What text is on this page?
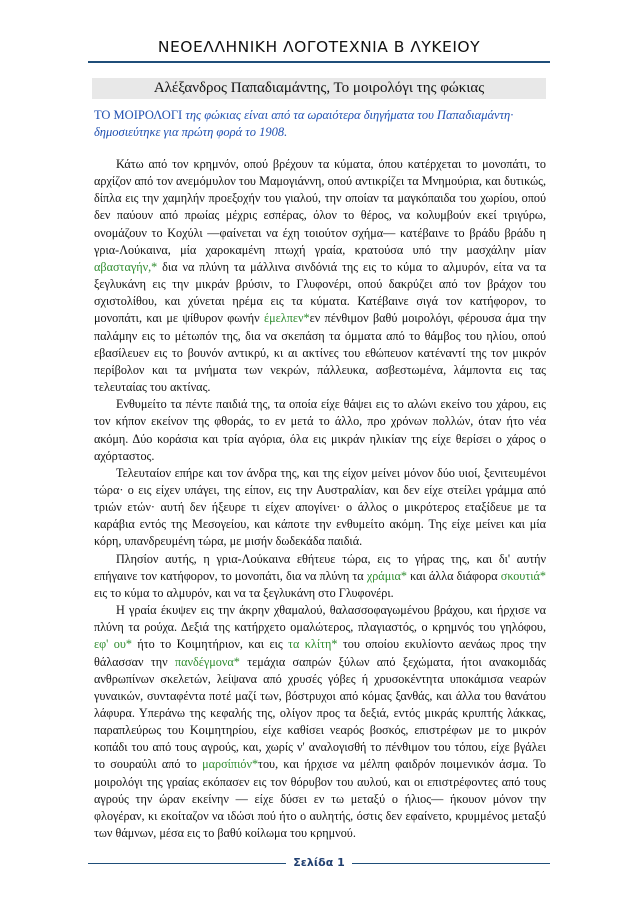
ΝΕΟΕΛΛΗΝΙΚΗ ΛΟΓΟΤΕΧΝΙΑ Β ΛΥΚΕΙΟΥ
Αλέξανδρος Παπαδιαμάντης, Το μοιρολόγι της φώκιας
ΤΟ ΜΟΙΡΟΛΟΓΙ της φώκιας είναι από τα ωραιότερα διηγήματα του Παπαδιαμάντη· δημοσιεύτηκε για πρώτη φορά το 1908.

Κάτω από τον κρημνόν, οπού βρέχουν τα κύματα, όπου κατέρχεται το μονοπάτι, το αρχίζον από τον ανεμόμυλον του Μαμογιάννη, οπού αντικρίζει τα Μνημούρια, και δυτικώς, δίπλα εις την χαμηλήν προεξοχήν του γιαλού, την οποίαν τα μαγκόπαιδα του χωρίου, οπού δεν παύουν από πρωίας μέχρις εσπέρας, όλον το θέρος, να κολυμβούν εκεί τριγύρω, ονομάζουν το Κοχύλι —φαίνεται να έχη τοιούτον σχήμα— κατέβαινε το βράδυ βράδυ η γρια-Λούκαινα, μία χαροκαμένη πτωχή γραία, κρατούσα υπό την μασχάλην μίαν αβασταγήν,* δια να πλύνη τα μάλλινα σινδόνιά της εις το κύμα το αλμυρόν, είτα να τα ξεγλυκάνη εις την μικράν βρύσιν, το Γλυφονέρι, οπού δακρύζει από τον βράχον του σχιστολίθου, και χύνεται ηρέμα εις τα κύματα. Κατέβαινε σιγά τον κατήφορον, το μονοπάτι, και με ψίθυρον φωνήν έμελπεν*εν πένθιμον βαθύ μοιρολόγι, φέρουσα άμα την παλάμην εις το μέτωπόν της, δια να σκεπάση τα όμματα από το θάμβος του ηλίου, οπού εβασίλευεν εις το βουνόν αντικρύ, κι αι ακτίνες του εθώπευον κατέναντί της τον μικρόν περίβολον και τα μνήματα των νεκρών, πάλλευκα, ασβεστωμένα, λάμποντα εις τας τελευταίας του ακτίνας.

Ενθυμείτο τα πέντε παιδιά της, τα οποία είχε θάψει εις το αλώνι εκείνο του χάρου, εις τον κήπον εκείνον της φθοράς, το εν μετά το άλλο, προ χρόνων πολλών, όταν ήτο νέα ακόμη. Δύο κοράσια και τρία αγόρια, όλα εις μικράν ηλικίαν της είχε θερίσει ο χάρος ο αχόρταστος.

Τελευταίον επήρε και τον άνδρα της, και της είχον μείνει μόνον δύο υιοί, ξενιτευμένοι τώρα· ο εις είχεν υπάγει, της είπον, εις την Αυστραλίαν, και δεν είχε στείλει γράμμα από τριών ετών· αυτή δεν ήξευρε τι είχεν απογίνει· ο άλλος ο μικρότερος εταξίδευε με τα καράβια εντός της Μεσογείου, και κάποτε την ενθυμείτο ακόμη. Της είχε μείνει και μία κόρη, υπανδρευμένη τώρα, με μισήν δωδεκάδα παιδιά.

Πλησίον αυτής, η γρια-Λούκαινα εθήτευε τώρα, εις το γήρας της, και δι' αυτήν επήγαινε τον κατήφορον, το μονοπάτι, δια να πλύνη τα χράμια* και άλλα διάφορα σκουτιά* εις το κύμα το αλμυρόν, και να τα ξεγλυκάνη στο Γλυφονέρι.

Η γραία έκυψεν εις την άκρην χθαμαλού, θαλασσοφαγωμένου βράχου, και ήρχισε να πλύνη τα ρούχα. Δεξιά της κατήρχετο ομαλώτερος, πλαγιαστός, ο κρημνός του γηλόφου, εφ' ου* ήτο το Κοιμητήριον, και εις τα κλίτη* του οποίου εκυλίοντο αενάως προς την θάλασσαν την πανδέγμονα* τεμάχια σαπρών ξύλων από ξεχώματα, ήτοι ανακομιδάς ανθρωπίνων σκελετών, λείψανα από χρυσές γόβες ή χρυσοκέντητα υποκάμισα νεαρών γυναικών, συνταφέντα ποτέ μαζί των, βόστρυχοι από κόμας ξανθάς, και άλλα του θανάτου λάφυρα. Υπεράνω της κεφαλής της, ολίγον προς τα δεξιά, εντός μικράς κρυπτής λάκκας, παραπλεύρως του Κοιμητηρίου, είχε καθίσει νεαρός βοσκός, επιστρέφων με το μικρόν κοπάδι του από τους αγρούς, και, χωρίς ν' αναλογισθή το πένθιμον του τόπου, είχε βγάλει το σουραύλι από το μαρσίπιόν*του, και ήρχισε να μέλπη φαιδρόν ποιμενικόν άσμα. Το μοιρολόγι της γραίας εκόπασεν εις τον θόρυβον του αυλού, και οι επιστρέφοντες από τους αγρούς την ώραν εκείνην — είχε δύσει εν τω μεταξύ ο ήλιος— ήκουον μόνον την φλογέραν, κι εκοίταζον να ιδώσι πού ήτο ο αυλητής, όστις δεν εφαίνετο, κρυμμένος μεταξύ των θάμνων, μέσα εις το βαθύ κοίλωμα του κρημνού.

Σελίδα 1
